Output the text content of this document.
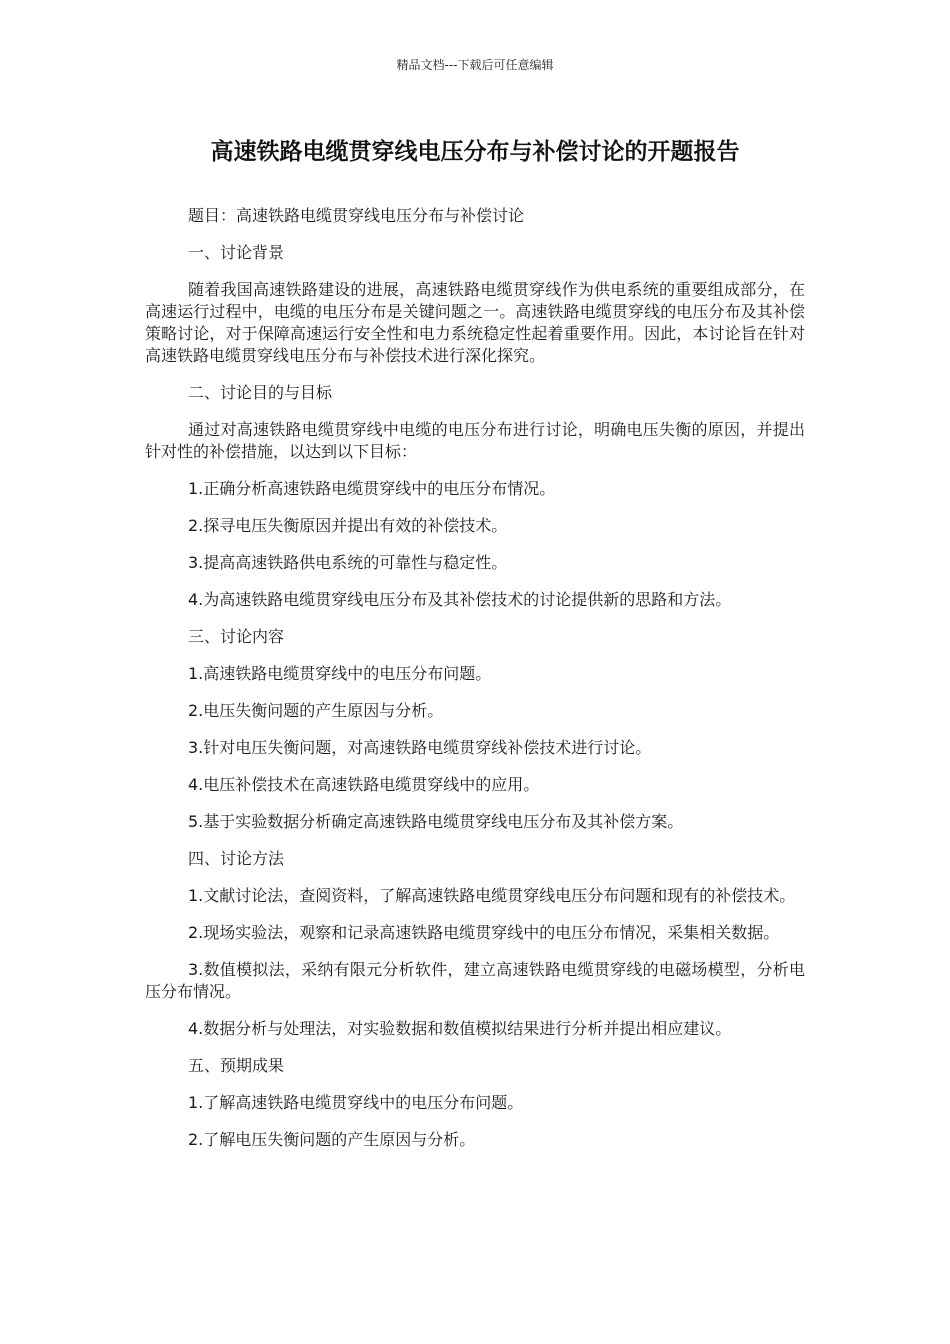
精品文档---下载后可任意编辑
高速铁路电缆贯穿线电压分布与补偿讨论的开题报告

题目：高速铁路电缆贯穿线电压分布与补偿讨论

一、讨论背景

随着我国高速铁路建设的进展，高速铁路电缆贯穿线作为供电系统的重要组成部分，在高速运行过程中，电缆的电压分布是关键问题之一。高速铁路电缆贯穿线的电压分布及其补偿策略讨论，对于保障高速运行安全性和电力系统稳定性起着重要作用。因此，本讨论旨在针对高速铁路电缆贯穿线电压分布与补偿技术进行深化探究。

二、讨论目的与目标

通过对高速铁路电缆贯穿线中电缆的电压分布进行讨论，明确电压失衡的原因，并提出针对性的补偿措施，以达到以下目标：

1.正确分析高速铁路电缆贯穿线中的电压分布情况。

2.探寻电压失衡原因并提出有效的补偿技术。

3.提高高速铁路供电系统的可靠性与稳定性。

4.为高速铁路电缆贯穿线电压分布及其补偿技术的讨论提供新的思路和方法。

三、讨论内容

1.高速铁路电缆贯穿线中的电压分布问题。

2.电压失衡问题的产生原因与分析。

3.针对电压失衡问题，对高速铁路电缆贯穿线补偿技术进行讨论。

4.电压补偿技术在高速铁路电缆贯穿线中的应用。

5.基于实验数据分析确定高速铁路电缆贯穿线电压分布及其补偿方案。

四、讨论方法

1.文献讨论法，查阅资料，了解高速铁路电缆贯穿线电压分布问题和现有的补偿技术。

2.现场实验法，观察和记录高速铁路电缆贯穿线中的电压分布情况，采集相关数据。

3.数值模拟法，采纳有限元分析软件，建立高速铁路电缆贯穿线的电磁场模型，分析电压分布情况。

4.数据分析与处理法，对实验数据和数值模拟结果进行分析并提出相应建议。

五、预期成果

1.了解高速铁路电缆贯穿线中的电压分布问题。

2.了解电压失衡问题的产生原因与分析。
